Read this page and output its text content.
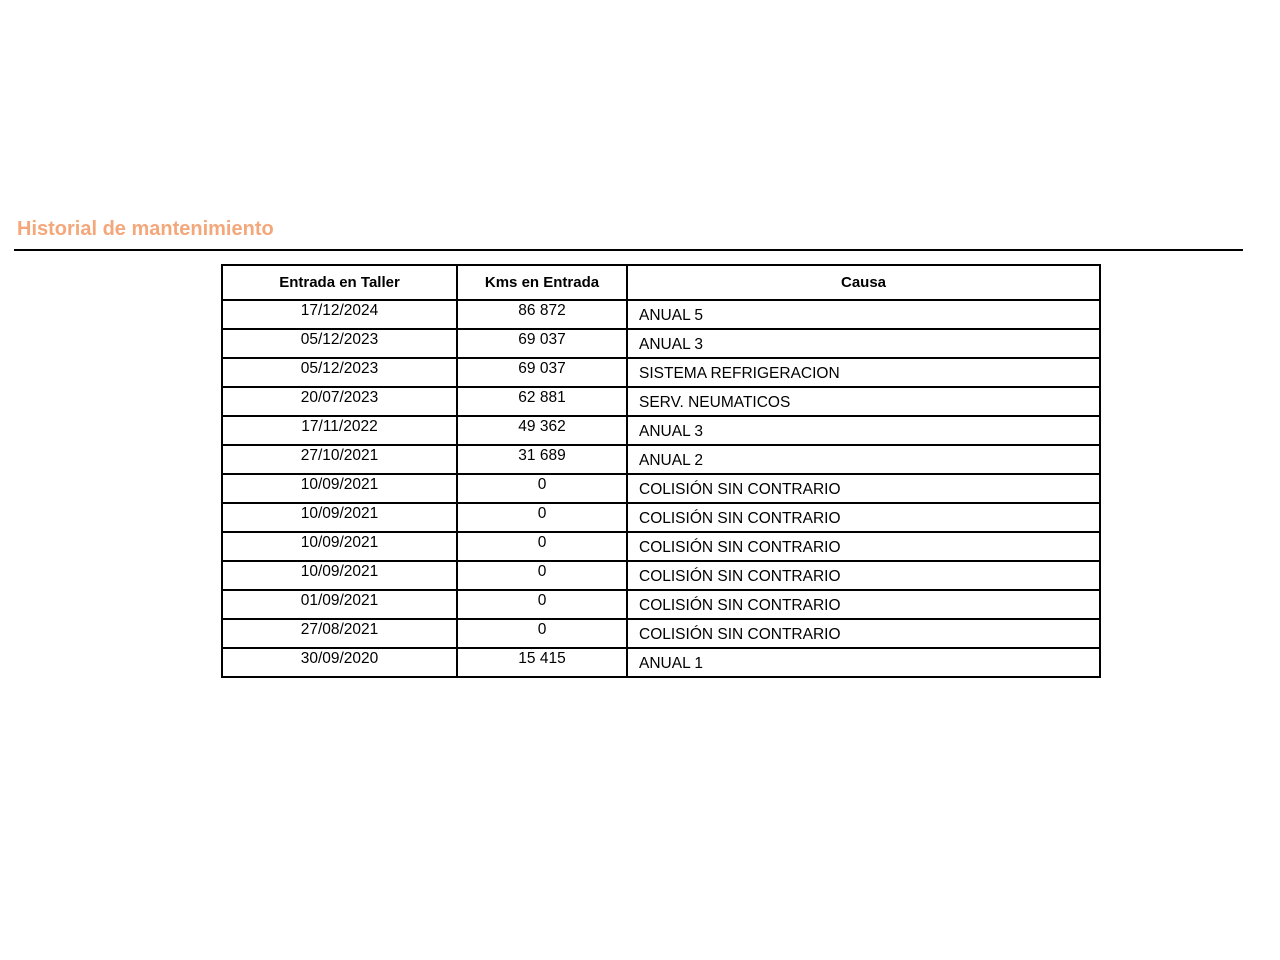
Historial de mantenimiento
Entrada en Taller	Kms en Entrada	Causa
17/12/2024	86 872	ANUAL 5
05/12/2023	69 037	ANUAL 3
05/12/2023	69 037	SISTEMA REFRIGERACION
20/07/2023	62 881	SERV. NEUMATICOS
17/11/2022	49 362	ANUAL 3
27/10/2021	31 689	ANUAL 2
10/09/2021	0	COLISIÓN SIN CONTRARIO
10/09/2021	0	COLISIÓN SIN CONTRARIO
10/09/2021	0	COLISIÓN SIN CONTRARIO
10/09/2021	0	COLISIÓN SIN CONTRARIO
01/09/2021	0	COLISIÓN SIN CONTRARIO
27/08/2021	0	COLISIÓN SIN CONTRARIO
30/09/2020	15 415	ANUAL 1
